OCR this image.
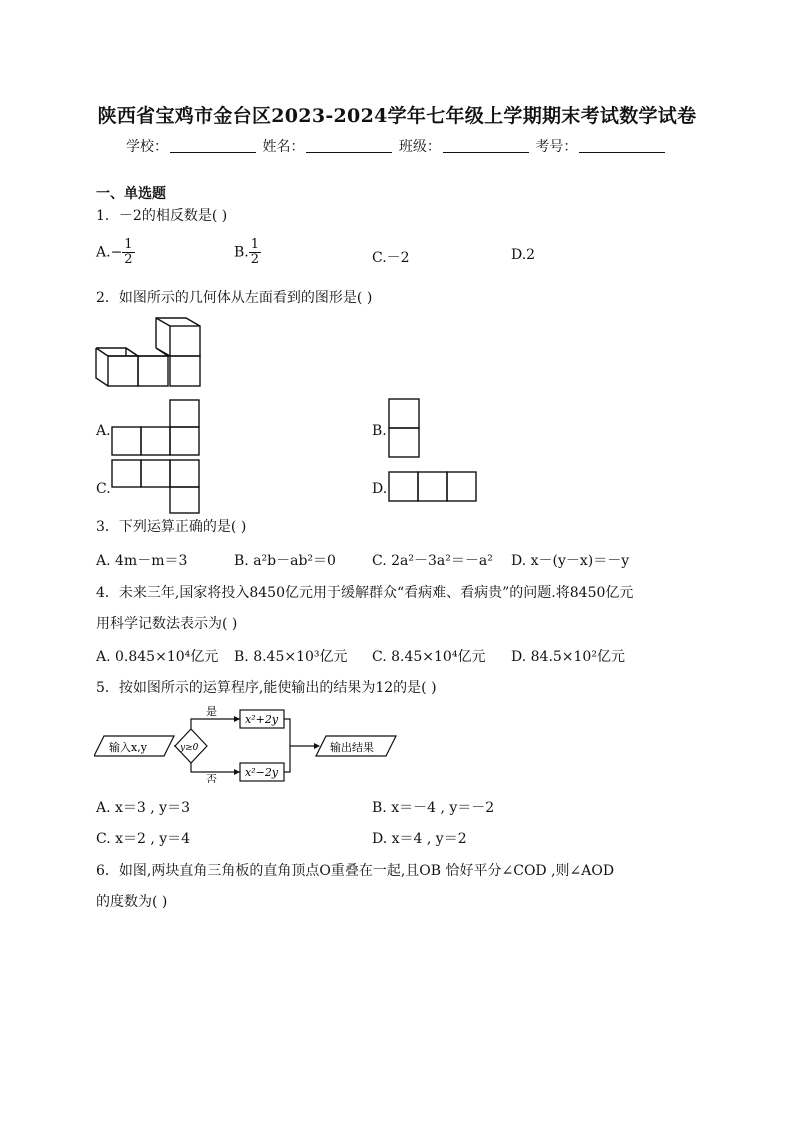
陕西省宝鸡市金台区2023-2024学年七年级上学期期末考试数学试卷
学校：	姓名：	班级：	考号：
一、单选题
1．－2的相反数是( )
$A.- \frac{1}{2}$	B. $\frac{1}{2}$	C.－2	D.2
2．如图所示的几何体从左面看到的图形是( )
A.	B.
C.	D.
3．下列运算正确的是( )
A. 4m－m＝3	B. a²b－ab²＝0	C. 2a²－3a²＝－a² D. x－(y－x)＝－y
4．未来三年,国家将投入8450亿元用于缓解群众“看病难、看病贵”的问题.将8450亿元
用科学记数法表示为( )
A. 0.845×10⁴亿元 B. 8.45×10³亿元 C. 8.45×10⁴亿元 D. 84.5×10²亿元
5．按如图所示的运算程序,能使输出的结果为12的是( )
输入x,y	y≥0
是
否
x²+2y
x²−2y
输出结果
A. x＝3 , y＝3	B. x＝－4 , y＝－2
C. x＝2 , y＝4	D. x＝4 , y＝2
6．如图,两块直角三角板的直角顶点O重叠在一起,且OB 恰好平分∠COD ,则∠AOD
的度数为( )
